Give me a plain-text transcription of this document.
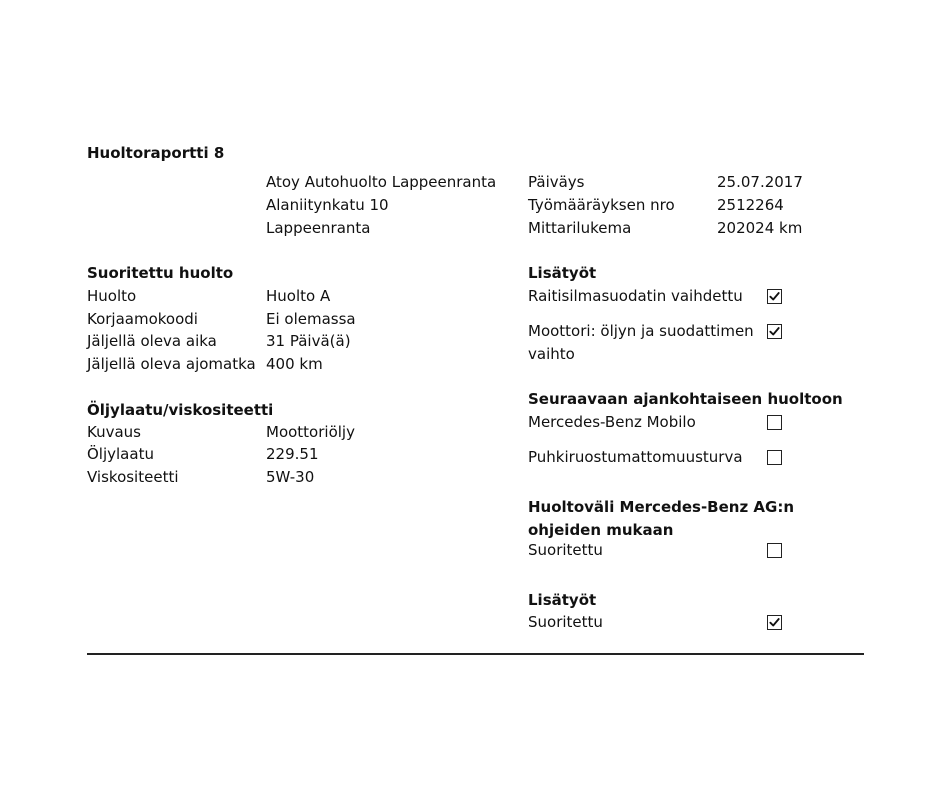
Huoltoraportti 8
Atoy Autohuolto Lappeenranta
Alaniitynkatu 10
Lappeenranta
Päiväys	25.07.2017
Työmääräyksen nro	2512264
Mittarilukema	202024 km
Suoritettu huolto
Huolto	Huolto A
Korjaamokoodi	Ei olemassa
Jäljellä oleva aika	31 Päivä(ä)
Jäljellä oleva ajomatka 400 km
Öljylaatu/viskositeetti
Kuvaus	Moottoriöljy
Öljylaatu	229.51
Viskositeetti	5W-30
Lisätyöt
Raitisilmasuodatin vaihdettu
Moottori: öljyn ja suodattimen vaihto
Seuraavaan ajankohtaiseen huoltoon
Mercedes-Benz Mobilo
Puhkiruostumattomuusturva
Huoltoväli Mercedes-Benz AG:n ohjeiden mukaan
Suoritettu
Lisätyöt
Suoritettu
